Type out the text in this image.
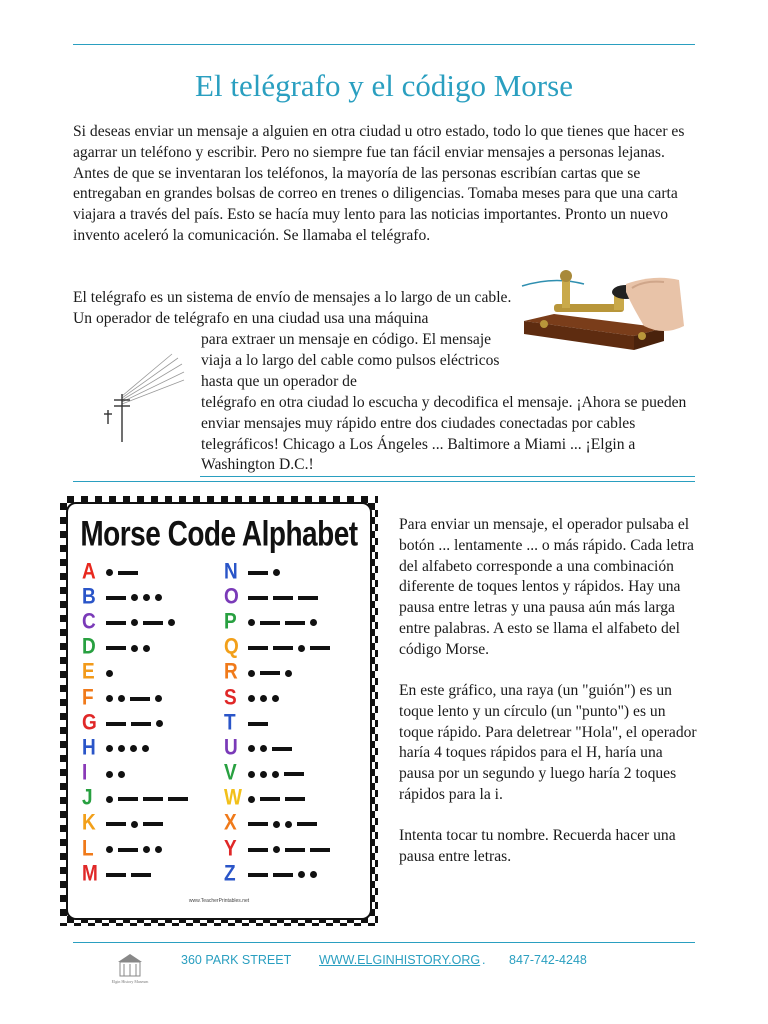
El telégrafo y el código Morse

Si deseas enviar un mensaje a alguien en otra ciudad u otro estado, todo lo que tienes que hacer es agarrar un teléfono y escribir. Pero no siempre fue tan fácil enviar mensajes a personas lejanas. Antes de que se inventaran los teléfonos, la mayoría de las personas escribían cartas que se entregaban en grandes bolsas de correo en trenes o diligencias. Tomaba meses para que una carta viajara a través del país. Esto se hacía muy lento para las noticias importantes. Pronto un nuevo invento aceleró la comunicación. Se llamaba el telégrafo.

El telégrafo es un sistema de envío de mensajes a lo largo de un cable. Un operador de telégrafo en una ciudad usa una máquina

para extraer un mensaje en código. El mensaje viaja a lo largo del cable como pulsos eléctricos hasta que un operador de

telégrafo en otra ciudad lo escucha y decodifica el mensaje. ¡Ahora se pueden enviar mensajes muy rápido entre dos ciudades conectadas por cables telegráficos! Chicago a Los Ángeles ... Baltimore a Miami ... ¡Elgin a Washington D.C.!

Morse Code Alphabet
A
B
C
D
E
F
G
H
I
J
K
L
M
N
O
P
Q
R
S
T
U
V
W
X
Y
Z
www.TeacherPrintables.net

Para enviar un mensaje, el operador pulsaba el botón ... lentamente ... o más rápido. Cada letra del alfabeto corresponde a una combinación diferente de toques lentos y rápidos. Hay una pausa entre letras y una pausa aún más larga entre palabras. A esto se llama el alfabeto del código Morse.

En este gráfico, una raya (un "guión") es un toque lento y un círculo (un "punto") es un toque rápido. Para deletrear "Hola", el operador haría 4 toques rápidos para el H, haría una pausa por un segundo y luego haría 2 toques rápidos para la i.

Intenta tocar tu nombre. Recuerda hacer una pausa entre letras.

Elgin History Museum
360 PARK STREET WWW.ELGINHISTORY.ORG . 847-742-4248
